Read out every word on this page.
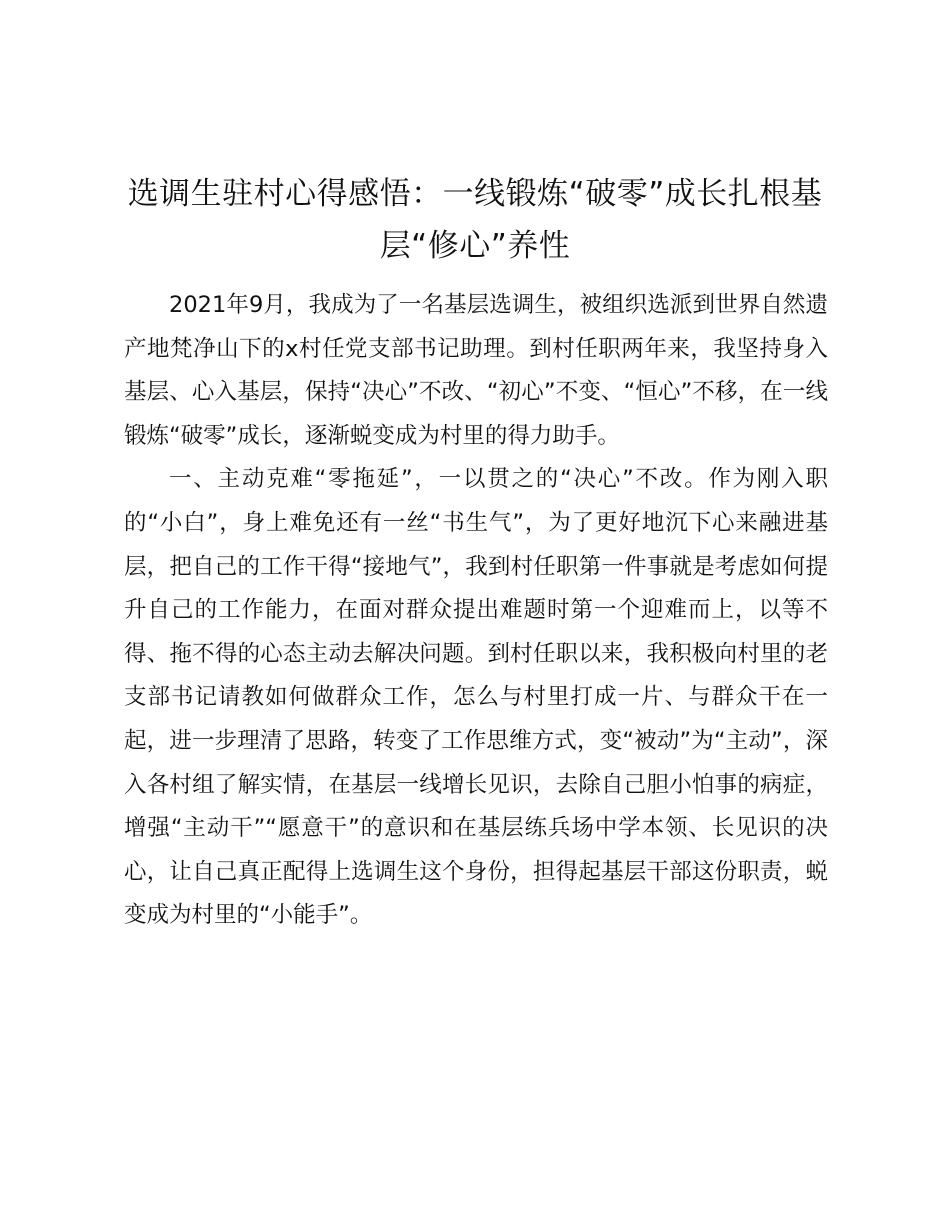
选调生驻村心得感悟：一线锻炼“破零”成长扎根基层“修心”养性

2021年9月，我成为了一名基层选调生，被组织选派到世界自然遗产地梵净山下的x村任党支部书记助理。到村任职两年来，我坚持身入基层、心入基层，保持“决心”不改、“初心”不变、“恒心”不移，在一线锻炼“破零”成长，逐渐蜕变成为村里的得力助手。

一、主动克难“零拖延”，一以贯之的“决心”不改。作为刚入职的“小白”，身上难免还有一丝“书生气”，为了更好地沉下心来融进基层，把自己的工作干得“接地气”，我到村任职第一件事就是考虑如何提升自己的工作能力，在面对群众提出难题时第一个迎难而上，以等不得、拖不得的心态主动去解决问题。到村任职以来，我积极向村里的老支部书记请教如何做群众工作，怎么与村里打成一片、与群众干在一起，进一步理清了思路，转变了工作思维方式，变“被动”为“主动”，深入各村组了解实情，在基层一线增长见识，去除自己胆小怕事的病症，增强“主动干”“愿意干”的意识和在基层练兵场中学本领、长见识的决心，让自己真正配得上选调生这个身份，担得起基层干部这份职责，蜕变成为村里的“小能手”。
